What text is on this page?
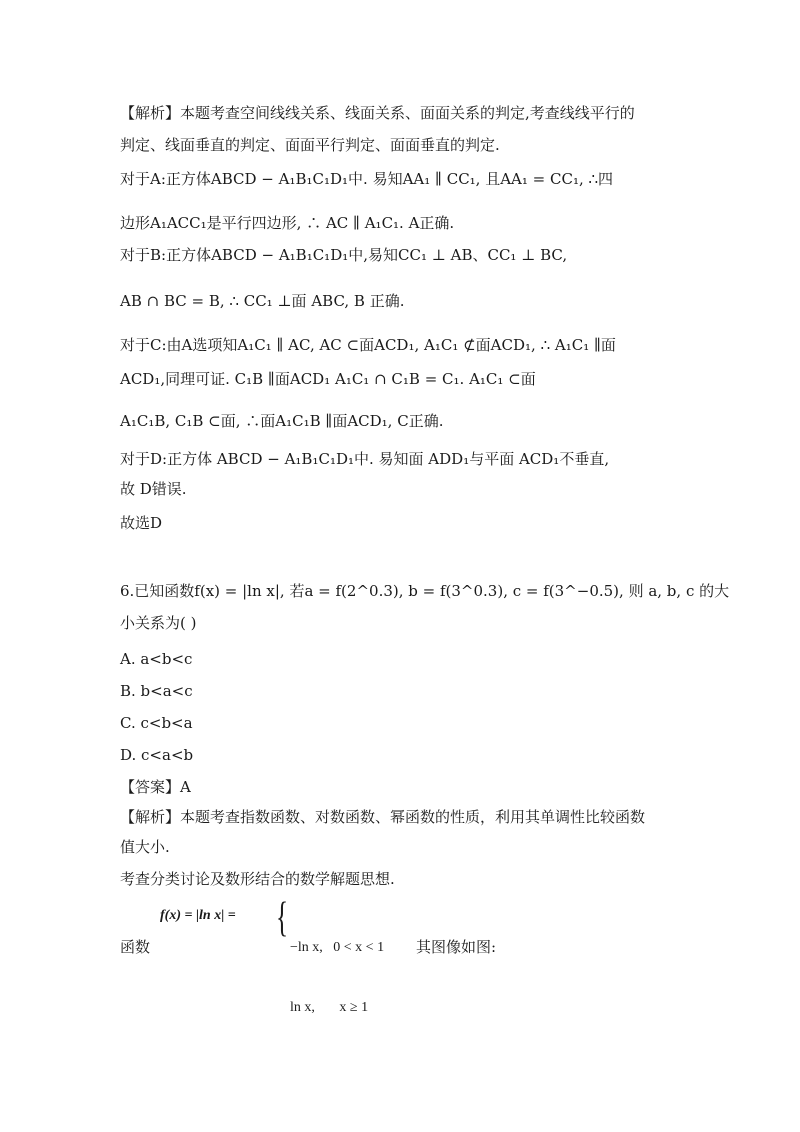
【解析】本题考查空间线线关系、线面关系、面面关系的判定,考查线线平行的
判定、线面垂直的判定、面面平行判定、面面垂直的判定.
对于A:正方体ABCD − A₁B₁C₁D₁中. 易知AA₁ ∥ CC₁, 且AA₁ = CC₁, ∴四
边形A₁ACC₁是平行四边形, ∴ AC ∥ A₁C₁. A正确.
对于B:正方体ABCD − A₁B₁C₁D₁中,易知CC₁ ⊥ AB、CC₁ ⊥ BC,
AB ∩ BC = B, ∴ CC₁ ⊥面 ABC, B 正确.
对于C:由A选项知A₁C₁ ∥ AC, AC ⊂面ACD₁, A₁C₁ ⊄面ACD₁, ∴ A₁C₁ ∥面
ACD₁,同理可证. C₁B ∥面ACD₁ A₁C₁ ∩ C₁B = C₁. A₁C₁ ⊂面
A₁C₁B, C₁B ⊂面, ∴面A₁C₁B ∥面ACD₁, C正确.
对于D:正方体 ABCD − A₁B₁C₁D₁中. 易知面 ADD₁与平面 ACD₁不垂直,
故 D错误.
故选D
6.已知函数f(x) = |ln x|, 若a = f(2^0.3), b = f(3^0.3), c = f(3^−0.5), 则 a, b, c 的大
小关系为( )
A. a<b<c
B. b<a<c
C. c<b<a
D. c<a<b
【答案】A
【解析】本题考查指数函数、对数函数、幂函数的性质，利用其单调性比较函数
值大小.
考查分类讨论及数形结合的数学解题思想.
f(x) = |ln x| = {

−ln x,   0 < x < 1

ln x,       x ≥ 1

函数	其图像如图:
